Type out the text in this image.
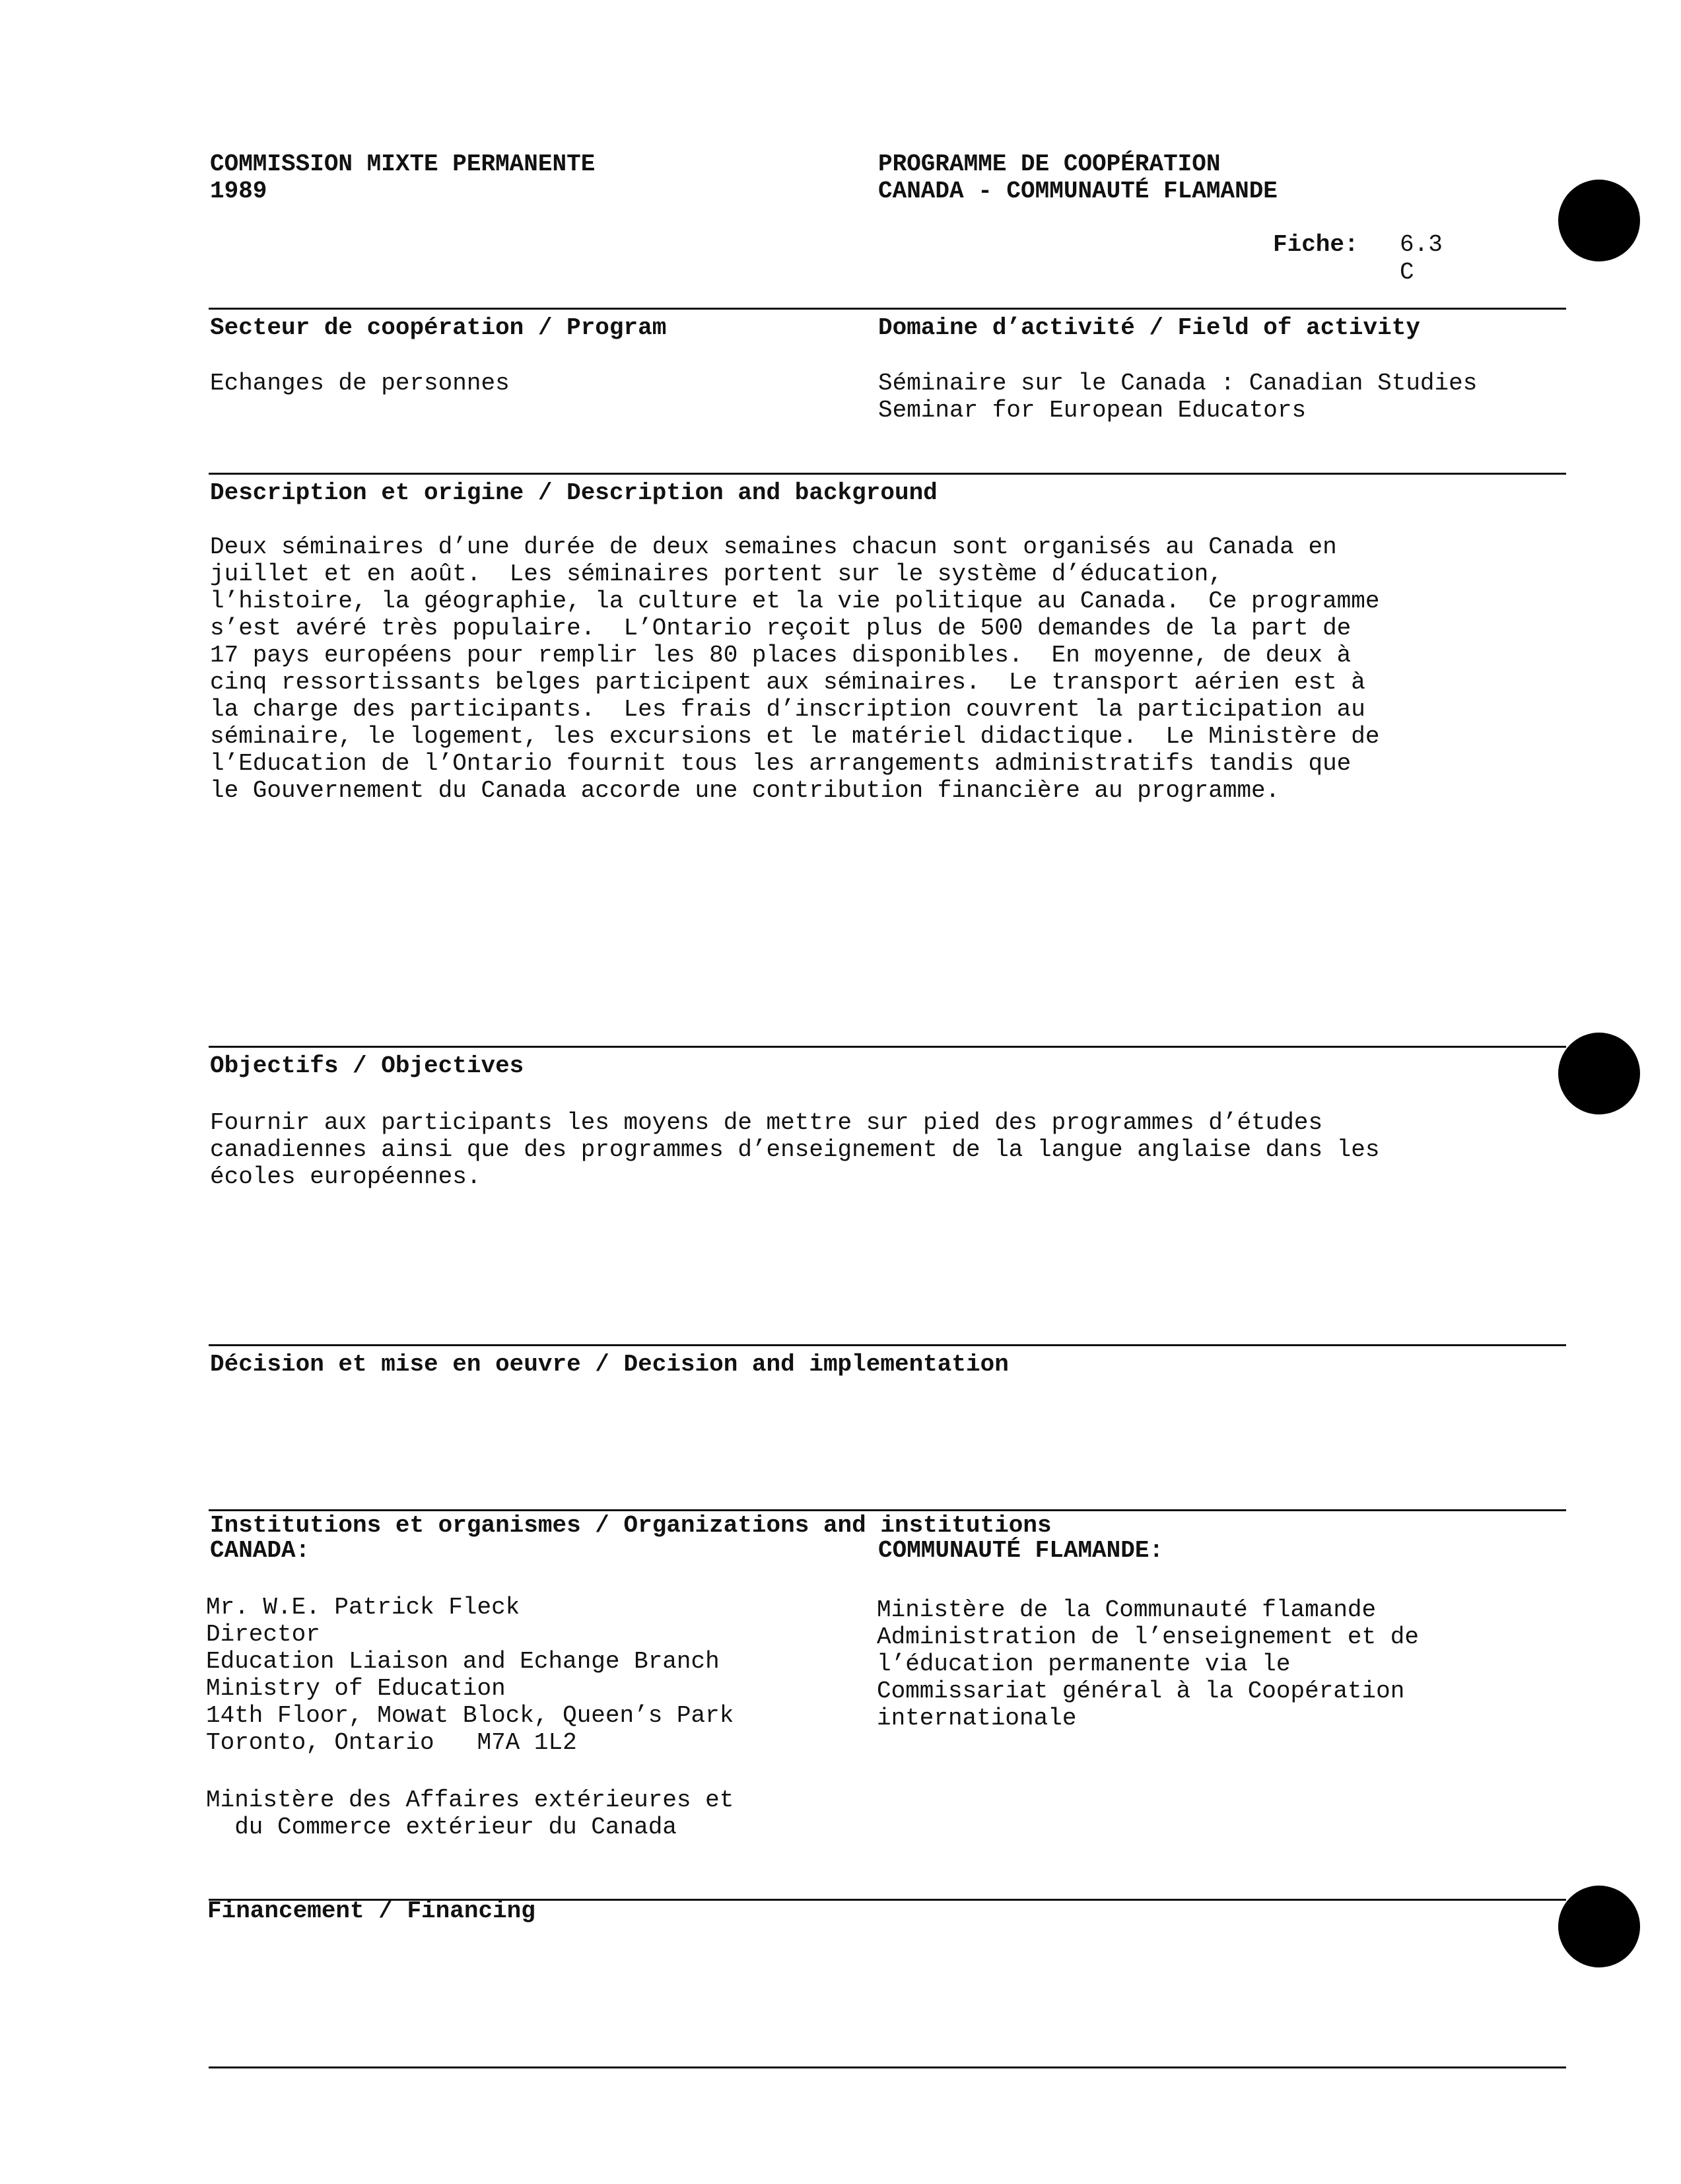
COMMISSION MIXTE PERMANENTE
1989
PROGRAMME DE COOPÉRATION
CANADA - COMMUNAUTÉ FLAMANDE
Fiche: 6.3
C
Secteur de coopération / Program
Echanges de personnes
Domaine d’activité / Field of activity
Séminaire sur le Canada : Canadian Studies
Seminar for European Educators
Description et origine / Description and background
Deux séminaires d’une durée de deux semaines chacun sont organisés au Canada en
juillet et en août.  Les séminaires portent sur le système d’éducation,
l’histoire, la géographie, la culture et la vie politique au Canada.  Ce programme
s’est avéré très populaire.  L’Ontario reçoit plus de 500 demandes de la part de
17 pays européens pour remplir les 80 places disponibles.  En moyenne, de deux à
cinq ressortissants belges participent aux séminaires.  Le transport aérien est à
la charge des participants.  Les frais d’inscription couvrent la participation au
séminaire, le logement, les excursions et le matériel didactique.  Le Ministère de
l’Education de l’Ontario fournit tous les arrangements administratifs tandis que
le Gouvernement du Canada accorde une contribution financière au programme.
Objectifs / Objectives
Fournir aux participants les moyens de mettre sur pied des programmes d’études
canadiennes ainsi que des programmes d’enseignement de la langue anglaise dans les
écoles européennes.
Décision et mise en oeuvre / Decision and implementation
Institutions et organismes / Organizations and institutions
CANADA:	COMMUNAUTÉ FLAMANDE:
Mr. W.E. Patrick Fleck
Director
Education Liaison and Echange Branch
Ministry of Education
14th Floor, Mowat Block, Queen’s Park
Toronto, Ontario   M7A 1L2
Ministère des Affaires extérieures et
du Commerce extérieur du Canada
Ministère de la Communauté flamande
Administration de l’enseignement et de
l’éducation permanente via le
Commissariat général à la Coopération
internationale
Financement / Financing
